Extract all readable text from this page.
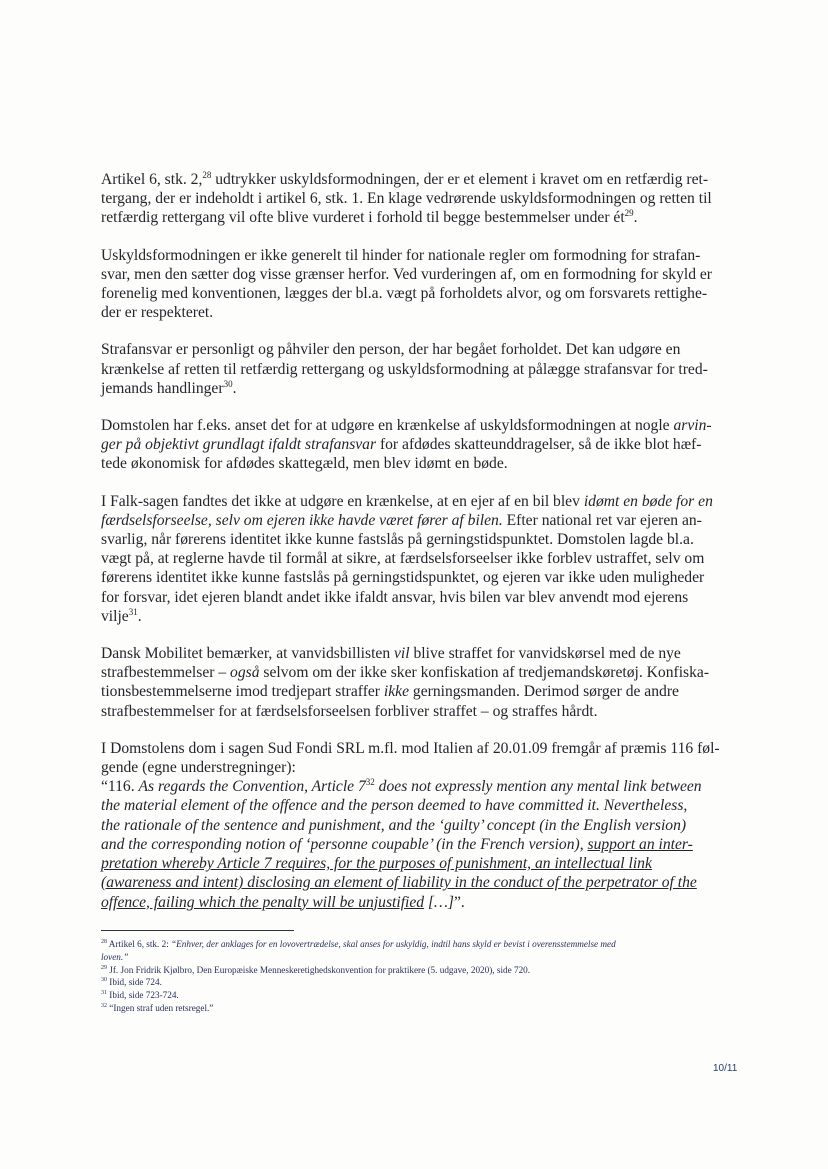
Artikel 6, stk. 2,28 udtrykker uskyldsformodningen, der er et element i kravet om en retfærdig ret-
tergang, der er indeholdt i artikel 6, stk. 1. En klage vedrørende uskyldsformodningen og retten til
retfærdig rettergang vil ofte blive vurderet i forhold til begge bestemmelser under $ét^{29}$.
Uskyldsformodningen er ikke generelt til hinder for nationale regler om formodning for strafan-
svar, men den sætter dog visse grænser herfor. Ved vurderingen af, om en formodning for skyld er
forenelig med konventionen, lægges der bl.a. vægt på forholdets alvor, og om forsvarets rettighe-
der er respekteret.
Strafansvar er personligt og påhviler den person, der har begået forholdet. Det kan udgøre en
krænkelse af retten til retfærdig rettergang og uskyldsformodning at pålægge strafansvar for tred-
jemands handlinger$^{30}$.
Domstolen har f.eks. anset det for at udgøre en krænkelse af uskyldsformodningen at nogle arvin-
ger på objektivt grundlagt ifaldt strafansvar for afdødes skatteunddragelser, så de ikke blot hæf-
tede økonomisk for afdødes skattegæld, men blev idømt en bøde.
I Falk-sagen fandtes det ikke at udgøre en krænkelse, at en ejer af en bil blev idømt en bøde for en
færdselsforseelse, selv om ejeren ikke havde været fører af bilen. Efter national ret var ejeren an-
svarlig, når førerens identitet ikke kunne fastslås på gerningstidspunktet. Domstolen lagde bl.a.
vægt på, at reglerne havde til formål at sikre, at færdselsforseelser ikke forblev ustraffet, selv om
førerens identitet ikke kunne fastslås på gerningstidspunktet, og ejeren var ikke uden muligheder
for forsvar, idet ejeren blandt andet ikke ifaldt ansvar, hvis bilen var blev anvendt mod ejerens
vilje$^{31}$.
Dansk Mobilitet bemærker, at vanvidsbillisten vil blive straffet for vanvidskørsel med de nye
strafbestemmelser – også selvom om der ikke sker konfiskation af tredjemandskøretøj. Konfiska-
tionsbestemmelserne imod tredjepart straffer ikke gerningsmanden. Derimod sørger de andre
strafbestemmelser for at færdselsforseelsen forbliver straffet – og straffes hårdt.
I Domstolens dom i sagen Sud Fondi SRL m.fl. mod Italien af 20.01.09 fremgår af præmis 116 føl-
gende (egne understregninger):
“116. As regards the Convention, Article $7^{32}$ does not expressly mention any mental link between
the material element of the offence and the person deemed to have committed it. Nevertheless,
the rationale of the sentence and punishment, and the ‘guilty’ concept (in the English version)
and the corresponding notion of ‘personne coupable’ (in the French version), support an inter-
pretation whereby Article 7 requires, for the purposes of punishment, an intellectual link
(awareness and intent) disclosing an element of liability in the conduct of the perpetrator of the
offence, failing which the penalty will be unjustified […]”.
$^{28}$ Artikel 6, stk. 2: “Enhver, der anklages for en lovovertrædelse, skal anses for uskyldig, indtil hans skyld er bevist i overensstemmelse med
loven.”
$^{29}$ Jf. Jon Fridrik Kjølbro, Den Europæiske Menneskeretighedskonvention for praktikere (5. udgave, 2020), side 720.
$^{30}$ Ibid, side 724.
$^{31}$ Ibid, side 723-724.
$^{32}$ “Ingen straf uden retsregel.”
10/11
